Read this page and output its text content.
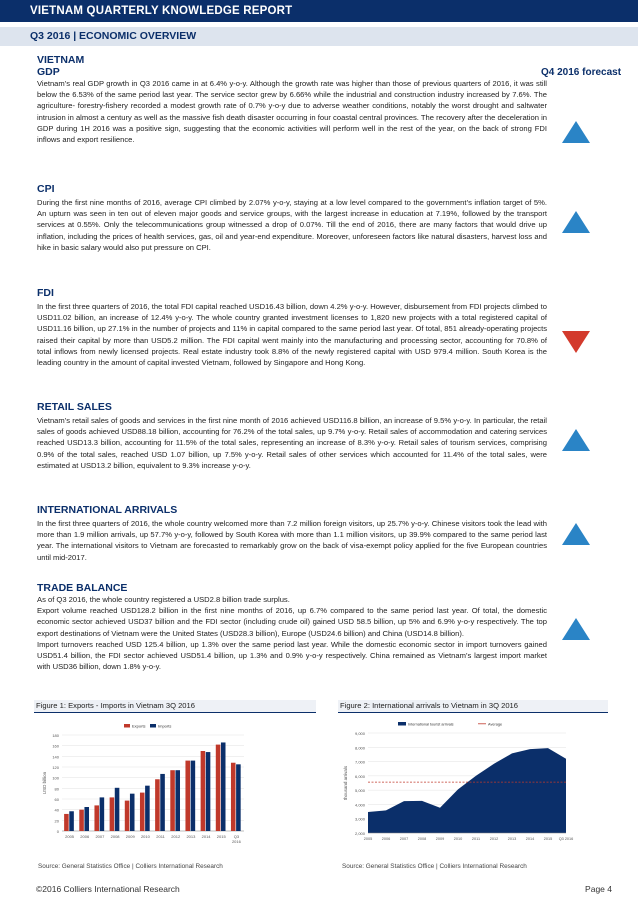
VIETNAM QUARTERLY KNOWLEDGE REPORT
Q3 2016 | ECONOMIC OVERVIEW
Q4 2016 forecast
VIETNAM
GDP

Vietnam’s real GDP growth in Q3 2016 came in at 6.4% y-o-y. Although the growth rate was higher than those of previous quarters of 2016, it was still below the 6.53% of the same period last year. The service sector grew by 6.66% while the industrial and construction industry increased by 7.6%. The agriculture- forestry-fishery recorded a modest growth rate of 0.7% y-o-y due to adverse weather conditions, notably the worst drought and saltwater intrusion in almost a century as well as the massive fish death disaster occurring in four coastal central provinces. The recovery after the deceleration in GDP during 1H 2016 was a positive sign, suggesting that the economic activities will perform well in the rest of the year, on the back of strong FDI inflows and export resilience.

CPI

During the first nine months of 2016, average CPI climbed by 2.07% y-o-y, staying at a low level compared to the government’s inflation target of 5%. An upturn was seen in ten out of eleven major goods and service groups, with the largest increase in education at 7.19%, followed by the transport services at 0.55%. Only the telecommunications group witnessed a drop of 0.07%. Till the end of 2016, there are many factors that would drive up inflation, including the prices of health services, gas, oil and year-end expenditure. Moreover, unforeseen factors like natural disasters, harvest loss and hike in basic salary would also put pressure on CPI.

FDI

In the first three quarters of 2016, the total FDI capital reached USD16.43 billion, down 4.2% y-o-y. However, disbursement from FDI projects climbed to USD11.02 billion, an increase of 12.4% y-o-y. The whole country granted investment licenses to 1,820 new projects with a total registered capital of USD11.16 billion, up 27.1% in the number of projects and 11% in capital compared to the same period last year. Of total, 851 already-operating projects raised their capital by more than USD5.2 million. The FDI capital went mainly into the manufacturing and processing sector, accounting for 70.8% of total inflows from newly licensed projects. Real estate industry took 8.8% of the newly registered capital with USD 979.4 million. South Korea is the leading country in the amount of capital invested Vietnam, followed by Singapore and Hong Kong.

RETAIL SALES

Vietnam’s retail sales of goods and services in the first nine month of 2016 achieved USD116.8 billion, an increase of 9.5% y-o-y. In particular, the retail sales of goods achieved USD88.18 billion, accounting for 76.2% of the total sales, up 9.7% y-o-y. Retail sales of accommodation and catering services reached USD13.3 billion, accounting for 11.5% of the total sales, representing an increase of 8.3% y-o-y. Retail sales of tourism services, comprising 0.9% of the total sales, reached USD 1.07 billion, up 7.5% y-o-y. Retail sales of other services which accounted for 11.4% of the total sales, were estimated at USD13.2 billion, equivalent to 9.3% increase y-o-y.

INTERNATIONAL ARRIVALS

In the first three quarters of 2016, the whole country welcomed more than 7.2 million foreign visitors, up 25.7% y-o-y. Chinese visitors took the lead with more than 1.9 million arrivals, up 57.7% y-o-y, followed by South Korea with more than 1.1 million visitors, up 39.9% compared to the same period last year. The international visitors to Vietnam are forecasted to remarkably grow on the back of visa-exempt policy applied for the five European countries until mid-2017.

TRADE BALANCE

As of Q3 2016, the whole country registered a USD2.8 billion trade surplus.

Export volume reached USD128.2 billion in the first nine months of 2016, up 6.7% compared to the same period last year. Of total, the domestic economic sector achieved USD37 billion and the FDI sector (including crude oil) gained USD 58.5 billion, up 5% and 6.9% y-o-y respectively. The top export destinations of Vietnam were the United States (USD28.3 billion), Europe (USD24.6 billion) and China (USD14.8 billion).

Import turnovers reached USD 125.4 billion, up 1.3% over the same period last year. While the domestic economic sector in import turnovers gained USD51.4 billion, the FDI sector achieved USD51.4 billion, up 1.3% and 0.9% y-o-y respectively. China remained as Vietnam’s largest import market with USD36 billion, down 1.8% y-o-y.

Figure 1: Exports - Imports in Vietnam 3Q 2016
0
20
40
60
80
100
120
140
160
180
USD billion
2005 2006 2007 2008 2009 2010 2011 2012 2013 2014 2015 Q3
2016
Exports	Imports
Source: General Statistics Office | Colliers International Research
Figure 2: International arrivals to Vietnam in 3Q 2016
2,000
3,000
4,000
5,000
6,000
7,000
8,000
9,000
thousand arrivals
2005	2006	2007	2008	2009	2010	2011	2012	2013	2014	2015 Q3 2016
International tourist arrivals	Average
Source: General Statistics Office | Colliers International Research
©2016 Colliers International Research	Page 4
